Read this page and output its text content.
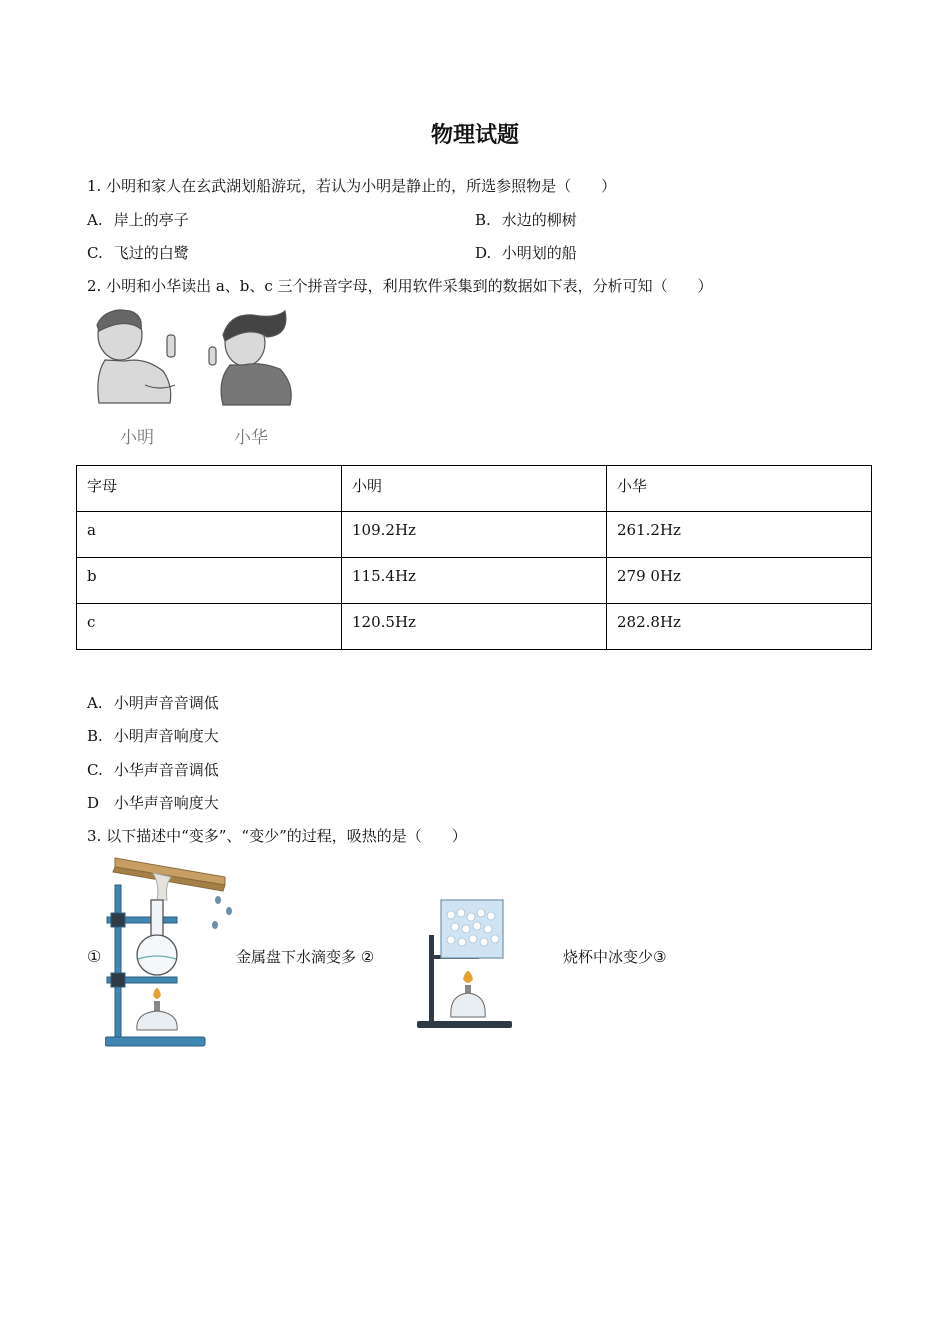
物理试题
1. 小明和家人在玄武湖划船游玩，若认为小明是静止的，所选参照物是（　　）
A. 岸上的亭子	B. 水边的柳树
C. 飞过的白鹭	D. 小明划的船
2. 小明和小华读出 a、b、c 三个拼音字母，利用软件采集到的数据如下表，分析可知（　　）
小明	小华
字母	小明	小华
a	109.2Hz	261.2Hz
b	115.4Hz	279 0Hz
c	120.5Hz	282.8Hz
A. 小明声音音调低
B. 小明声音响度大
C. 小华声音音调低
D 小华声音响度大
3. 以下描述中“变多”、“变少”的过程，吸热的是（　　）
①	金属盘下水滴变多 ②	烧杯中冰变少③
